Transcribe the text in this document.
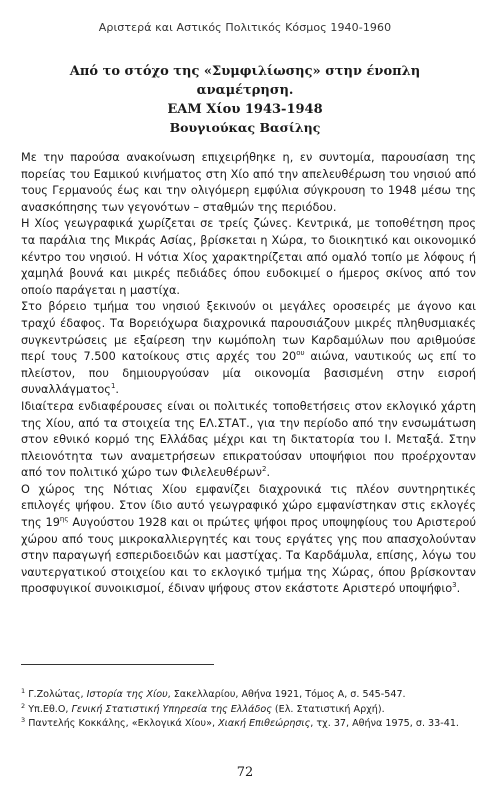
Αριστερά και Αστικός Πολιτικός Κόσμος 1940-1960
Από το στόχο της «Συμφιλίωσης» στην ένοπλη αναμέτρηση.
ΕΑΜ Χίου 1943-1948
Βουγιούκας Βασίλης

Με την παρούσα ανακοίνωση επιχειρήθηκε η, εν συντομία, παρουσίαση της πορείας του Εαμικού κινήματος στη Χίο από την απελευθέρωση του νησιού από τους Γερμανούς έως και την ολιγόμερη εμφύλια σύγκρουση το 1948 μέσω της ανασκόπησης των γεγονότων – σταθμών της περιόδου.

Η Χίος γεωγραφικά χωρίζεται σε τρείς ζώνες. Κεντρικά, με τοποθέτηση προς τα παράλια της Μικράς Ασίας, βρίσκεται η Χώρα, το διοικητικό και οικονομικό κέντρο του νησιού. Η νότια Χίος χαρακτηρίζεται από ομαλό τοπίο με λόφους ή χαμηλά βουνά και μικρές πεδιάδες όπου ευδοκιμεί ο ήμερος σκίνος από τον οποίο παράγεται η μαστίχα.

Στο βόρειο τμήμα του νησιού ξεκινούν οι μεγάλες οροσειρές με άγονο και τραχύ έδαφος. Τα Βορειόχωρα διαχρονικά παρουσιάζουν μικρές πληθυσμιακές συγκεντρώσεις με εξαίρεση την κωμόπολη των Καρδαμύλων που αριθμούσε περί τους 7.500 κατοίκους στις αρχές του $20^{o\upsilon}$ αιώνα, ναυτικούς ως επί το πλείστον, που δημιουργούσαν μία οικονομία βασισμένη στην εισροή συναλλάγματος$^1$.

Ιδιαίτερα ενδιαφέρουσες είναι οι πολιτικές τοποθετήσεις στον εκλογικό χάρτη της Χίου, από τα στοιχεία της ΕΛ.ΣΤΑΤ., για την περίοδο από την ενσωμάτωση στον εθνικό κορμό της Ελλάδας μέχρι και τη δικτατορία του Ι. Μεταξά. Στην πλειονότητα των αναμετρήσεων επικρατούσαν υποψήφιοι που προέρχονταν από τον πολιτικό χώρο των Φιλελευθέρων$^2$.

Ο χώρος της Νότιας Χίου εμφανίζει διαχρονικά τις πλέον συντηρητικές επιλογές ψήφου. Στον ίδιο αυτό γεωγραφικό χώρο εμφανίστηκαν στις εκλογές της $19^{\eta\varsigma}$ Αυγούστου 1928 και οι πρώτες ψήφοι προς υποψηφίους του Αριστερού χώρου από τους μικροκαλλιεργητές και τους εργάτες γης που απασχολούνταν στην παραγωγή εσπεριδοειδών και μαστίχας. Τα Καρδάμυλα, επίσης, λόγω του ναυτεργατικού στοιχείου και το εκλογικό τμήμα της Χώρας, όπου βρίσκονταν προσφυγικοί συνοικισμοί, έδιναν ψήφους στον εκάστοτε Αριστερό υποψήφιο$^3$.

$^1$ Γ.Ζολώτας, Ιστορία της Χίου, Σακελλαρίου, Αθήνα 1921, Τόμος Α, σ. 545-547.
$^2$ Υπ.Εθ.Ο, Γενική Στατιστική Υπηρεσία της Ελλάδος (Ελ. Στατιστική Αρχή).
$^3$ Παντελής Κοκκάλης, «Εκλογικά Χίου», Χιακή Επιθεώρησις, τχ. 37, Αθήνα 1975, σ. 33-41.
72
